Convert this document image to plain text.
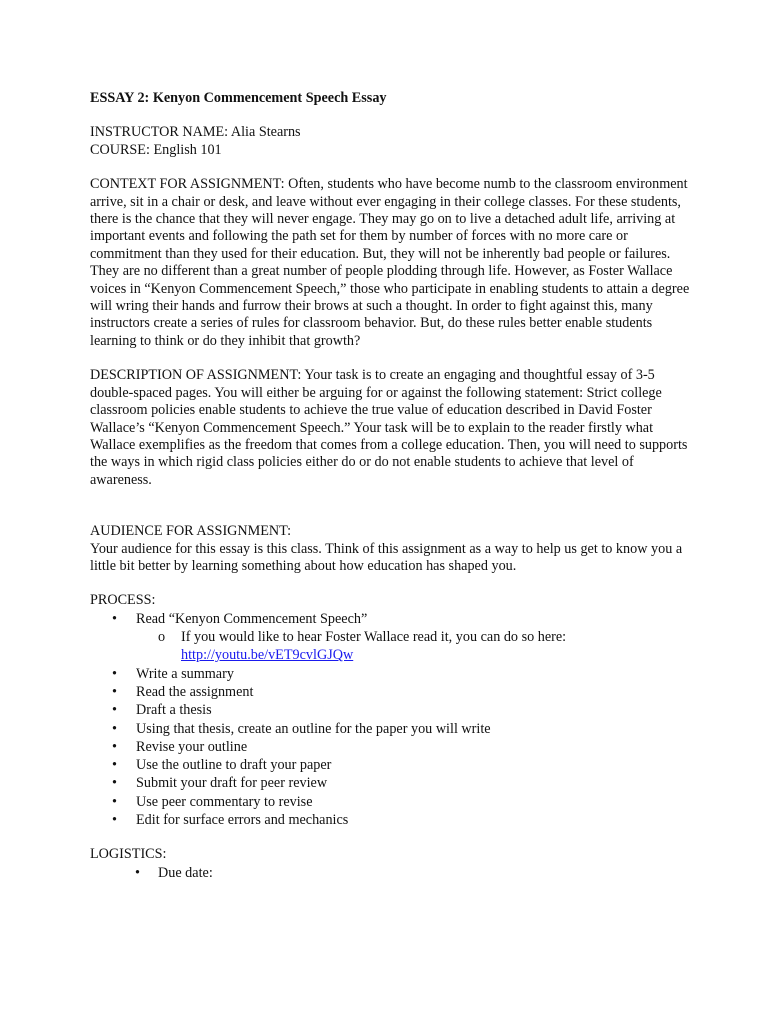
ESSAY 2: Kenyon Commencement Speech Essay

INSTRUCTOR NAME: Alia Stearns

COURSE: English 101

CONTEXT FOR ASSIGNMENT: Often, students who have become numb to the classroom environment arrive, sit in a chair or desk, and leave without ever engaging in their college classes. For these students, there is the chance that they will never engage. They may go on to live a detached adult life, arriving at important events and following the path set for them by number of forces with no more care or commitment than they used for their education. But, they will not be inherently bad people or failures. They are no different than a great number of people plodding through life. However, as Foster Wallace voices in “Kenyon Commencement Speech,” those who participate in enabling students to attain a degree will wring their hands and furrow their brows at such a thought. In order to fight against this, many instructors create a series of rules for classroom behavior. But, do these rules better enable students learning to think or do they inhibit that growth?

DESCRIPTION OF ASSIGNMENT: Your task is to create an engaging and thoughtful essay of 3-5 double-spaced pages. You will either be arguing for or against the following statement: Strict college classroom policies enable students to achieve the true value of education described in David Foster Wallace’s “Kenyon Commencement Speech.” Your task will be to explain to the reader firstly what Wallace exemplifies as the freedom that comes from a college education. Then, you will need to supports the ways in which rigid class policies either do or do not enable students to achieve that level of awareness.

AUDIENCE FOR ASSIGNMENT:

Your audience for this essay is this class. Think of this assignment as a way to help us get to know you a little bit better by learning something about how education has shaped you.

PROCESS:

• Read “Kenyon Commencement Speech”
o If you would like to hear Foster Wallace read it, you can do so here:
http://youtu.be/vET9cvlGJQw
• Write a summary
• Read the assignment
• Draft a thesis
• Using that thesis, create an outline for the paper you will write
• Revise your outline
• Use the outline to draft your paper
• Submit your draft for peer review
• Use peer commentary to revise
• Edit for surface errors and mechanics

LOGISTICS:

• Due date:
